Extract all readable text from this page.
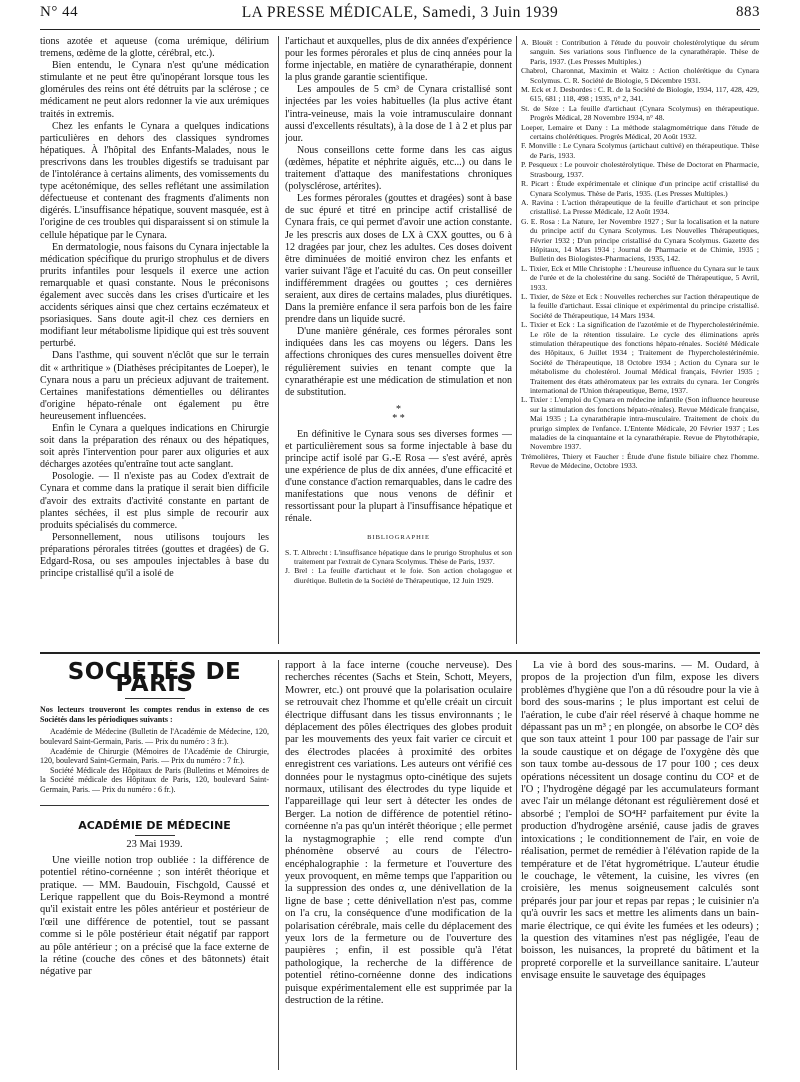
N° 44	LA PRESSE MÉDICALE, Samedi, 3 Juin 1939	883

tions azotée et aqueuse (coma urémique, délirium tremens, œdème de la glotte, cérébral, etc.).

Bien entendu, le Cynara n'est qu'une médication stimulante et ne peut être qu'inopérant lorsque tous les glomérules des reins ont été détruits par la sclérose ; ce médicament ne peut alors redonner la vie aux urémiques traités in extremis.

Chez les enfants le Cynara a quelques indications particulières en dehors des classiques syndromes hépatiques. À l'hôpital des Enfants-Malades, nous le prescrivons dans les troubles digestifs se traduisant par de l'intolérance à certains aliments, des vomissements du type acétonémique, des selles reflétant une assimilation défectueuse et contenant des fragments d'aliments non digérés. L'insuffisance hépatique, souvent masquée, est à l'origine de ces troubles qui disparaissent si on stimule la cellule hépatique par le Cynara.

En dermatologie, nous faisons du Cynara injectable la médication spécifique du prurigo strophulus et de divers prurits infantiles pour lesquels il exerce une action remarquable et quasi constante. Nous le préconisons également avec succès dans les crises d'urticaire et les accidents sériques ainsi que chez certains eczémateux et psoriasiques. Sans doute agit-il chez ces derniers en modifiant leur métabolisme lipidique qui est très souvent perturbé.

Dans l'asthme, qui souvent n'éclôt que sur le terrain dit « arthritique » (Diathèses précipitantes de Loeper), le Cynara nous a paru un précieux adjuvant de traitement. Certaines manifestations démentielles ou délirantes d'origine hépato-rénale ont également pu être heureusement influencées.

Enfin le Cynara a quelques indications en Chirurgie soit dans la préparation des rénaux ou des hépatiques, soit après l'intervention pour parer aux oliguries et aux décharges azotées qu'entraîne tout acte sanglant.

Posologie. — Il n'existe pas au Codex d'extrait de Cynara et comme dans la pratique il serait bien difficile d'avoir des extraits d'activité constante en partant de plantes séchées, il est plus simple de recourir aux produits spécialisés du commerce.

Personnellement, nous utilisons toujours les préparations pérorales titrées (gouttes et dragées) de G. Edgard-Rosa, ou ses ampoules injectables à base du principe cristallisé qu'il a isolé de

l'artichaut et auxquelles, plus de dix années d'expérience pour les formes pérorales et plus de cinq années pour la forme injectable, en matière de cynarathérapie, donnent la plus grande garantie scientifique.

Les ampoules de 5 cm³ de Cynara cristallisé sont injectées par les voies habituelles (la plus active étant l'intra-veineuse, mais la voie intramusculaire donnant aussi d'excellents résultats), à la dose de 1 à 2 et plus par jour.

Nous conseillons cette forme dans les cas aigus (œdèmes, hépatite et néphrite aiguës, etc...) ou dans le traitement d'attaque des manifestations chroniques (polysclérose, artérites).

Les formes pérorales (gouttes et dragées) sont à base de suc épuré et titré en principe actif cristallisé de Cynara frais, ce qui permet d'avoir une action constante. Je les prescris aux doses de LX à CXX gouttes, ou 6 à 12 dragées par jour, chez les adultes. Ces doses doivent être diminuées de moitié environ chez les enfants et varier suivant l'âge et l'acuité du cas. On peut conseiller indifféremment dragées ou gouttes ; ces dernières seraient, aux dires de certains malades, plus diurétiques. Dans la première enfance il sera parfois bon de les faire prendre dans un liquide sucré.

D'une manière générale, ces formes pérorales sont indiquées dans les cas moyens ou légers. Dans les affections chroniques des cures mensuelles doivent être régulièrement suivies en tenant compte que la cynarathérapie est une médication de stimulation et non de substitution.

*
* *

En définitive le Cynara sous ses diverses formes — et particulièrement sous sa forme injectable à base du principe actif isolé par G.-E Rosa — s'est avéré, après une expérience de plus de dix années, d'une efficacité et d'une constance d'action remarquables, dans le cadre des manifestations que nous venons de définir et ressortissant pour la plupart à l'insuffisance hépatique et rénale.

BIBLIOGRAPHIE

S. T. Albrecht : L'insuffisance hépatique dans le prurigo Strophulus et son traitement par l'extrait de Cynara Scolymus. Thèse de Paris, 1937.

J. Brel : La feuille d'artichaut et le foie. Son action cholagogue et diurétique. Bulletin de la Société de Thérapeutique, 12 Juin 1929.

A. Blouët : Contribution à l'étude du pouvoir cholestérolytique du sérum sanguin. Ses variations sous l'influence de la cynarathérapie. Thèse de Paris, 1937. (Les Presses Multiples.)

Chabrol, Charonnat, Maximin et Waitz : Action cholérétique du Cynara Scolymus. C. R. Société de Biologie, 5 Décembre 1931.

M. Eck et J. Desbordes : C. R. de la Société de Biologie, 1934, 117, 428, 429, 615, 681 ; 118, 498 ; 1935, n° 2, 341.

St. de Sèze : La feuille d'artichaut (Cynara Scolymus) en thérapeutique. Progrès Médical, 28 Novembre 1934, n° 48.

Loeper, Lemaire et Dany : La méthode stalagmométrique dans l'étude de certains cholérétiques. Progrès Médical, 20 Août 1932.

F. Monville : Le Cynara Scolymus (artichaut cultivé) en thérapeutique. Thèse de Paris, 1933.

P. Pesqueux : Le pouvoir cholestérolytique. Thèse de Doctorat en Pharmacie, Strasbourg, 1937.

R. Picart : Étude expérimentale et clinique d'un principe actif cristallisé du Cynara Scolymus. Thèse de Paris, 1935. (Les Presses Multiples.)

A. Ravina : L'action thérapeutique de la feuille d'artichaut et son principe cristallisé. La Presse Médicale, 12 Août 1934.

G. E. Rosa : La Nature, 1er Novembre 1927 ; Sur la localisation et la nature du principe actif du Cynara Scolymus. Les Nouvelles Thérapeutiques, Février 1932 ; D'un principe cristallisé du Cynara Scolymus. Gazette des Hôpitaux, 14 Mars 1934 ; Journal de Pharmacie et de Chimie, 1935 ; Bulletin des Biologistes-Pharmaciens, 1935, 142.

L. Tixier, Eck et Mlle Christophe : L'heureuse influence du Cynara sur le taux de l'urée et de la cholestérine du sang. Société de Thérapeutique, 5 Avril, 1933.

L. Tixier, de Sèze et Eck : Nouvelles recherches sur l'action thérapeutique de la feuille d'artichaut. Essai clinique et expérimental du principe cristallisé. Société de Thérapeutique, 14 Mars 1934.

L. Tixier et Eck : La signification de l'azotémie et de l'hypercholestérinémie. Le rôle de la rétention tissulaire. Le cycle des éliminations après stimulation thérapeutique des fonctions hépato-rénales. Société Médicale des Hôpitaux, 6 Juillet 1934 ; Traitement de l'hypercholestérinémie. Société de Thérapeutique, 18 Octobre 1934 ; Action du Cynara sur le métabolisme du cholestérol. Journal Médical français, Février 1935 ; Traitement des états athéromateux par les extraits du cynara. 1er Congrès international de l'Union thérapeutique, Berne, 1937.

L. Tixier : L'emploi du Cynara en médecine infantile (Son influence heureuse sur la stimulation des fonctions hépato-rénales). Revue Médicale française, Mai 1935 ; La cynarathérapie intra-musculaire. Traitement de choix du prurigo simplex de l'enfance. L'Entente Médicale, 20 Février 1937 ; Les maladies de la cinquantaine et la cynarathérapie. Revue de Phytothérapie, Novembre 1937.

Trémolières, Thiery et Faucher : Étude d'une fistule biliaire chez l'homme. Revue de Médecine, Octobre 1933.

SOCIÉTÉS DE PARIS
Nos lecteurs trouveront les comptes rendus in extenso de ces Sociétés dans les périodiques suivants :

Académie de Médecine (Bulletin de l'Académie de Médecine, 120, boulevard Saint-Germain, Paris. — Prix du numéro : 3 fr.).

Académie de Chirurgie (Mémoires de l'Académie de Chirurgie, 120, boulevard Saint-Germain, Paris. — Prix du numéro : 7 fr.).

Société Médicale des Hôpitaux de Paris (Bulletins et Mémoires de la Société médicale des Hôpitaux de Paris, 120, boulevard Saint-Germain, Paris. — Prix du numéro : 6 fr.).

ACADÉMIE DE MÉDECINE
23 Mai 1939.

Une vieille notion trop oubliée : la différence de potentiel rétino-cornéenne ; son intérêt théorique et pratique. — MM. Baudouin, Fischgold, Caussé et Lerique rappellent que du Bois-Reymond a montré qu'il existait entre les pôles antérieur et postérieur de l'œil une différence de potentiel, tout se passant comme si le pôle postérieur était négatif par rapport au pôle antérieur ; on a précisé que la face externe de la rétine (couche des cônes et des bâtonnets) était négative par

rapport à la face interne (couche nerveuse). Des recherches récentes (Sachs et Stein, Schott, Meyers, Mowrer, etc.) ont prouvé que la polarisation oculaire se retrouvait chez l'homme et qu'elle créait un circuit électrique diffusant dans les tissus environnants ; le déplacement des pôles électriques des globes produit par les mouvements des yeux fait varier ce circuit et des électrodes placées à proximité des orbites enregistrent ces variations. Les auteurs ont vérifié ces données pour le nystagmus opto-cinétique des sujets normaux, utilisant des électrodes du type liquide et l'appareillage qui leur sert à détecter les ondes de Berger. La notion de différence de potentiel rétino-cornéenne n'a pas qu'un intérêt théorique ; elle permet la nystagmographie ; elle rend compte d'un phénomène observé au cours de l'électro-encéphalographie : la fermeture et l'ouverture des yeux provoquent, en même temps que l'apparition ou la suppression des ondes α, une dénivellation de la ligne de base ; cette dénivellation n'est pas, comme on l'a cru, la conséquence d'une modification de la polarisation cérébrale, mais celle du déplacement des yeux lors de la fermeture ou de l'ouverture des paupières ; enfin, il est possible qu'à l'état pathologique, la recherche de la différence de potentiel rétino-cornéenne donne des indications puisque expérimentalement elle est supprimée par la destruction de la rétine.

La vie à bord des sous-marins. — M. Oudard, à propos de la projection d'un film, expose les divers problèmes d'hygiène que l'on a dû résoudre pour la vie à bord des sous-marins ; le plus important est celui de l'aération, le cube d'air réel réservé à chaque homme ne dépassant pas un m³ ; en plongée, on absorbe le CO² dès que son taux atteint 1 pour 100 par passage de l'air sur la soude caustique et on dégage de l'oxygène dès que son taux tombe au-dessous de 17 pour 100 ; ces deux opérations nécessitent un dosage continu du CO² et de l'O ; l'hydrogène dégagé par les accumulateurs formant avec l'air un mélange détonant est régulièrement dosé et absorbé ; l'emploi de SO⁴H² parfaitement pur évite la production d'hydrogène arsénié, cause jadis de graves intoxications ; le conditionnement de l'air, en voie de réalisation, permet de remédier à l'élévation rapide de la température et de l'état hygrométrique. L'auteur étudie le couchage, le vêtement, la cuisine, les vivres (en croisière, les menus soigneusement calculés sont préparés jour par jour et repas par repas ; le cuisinier n'a qu'à ouvrir les sacs et mettre les aliments dans un bain-marie électrique, ce qui évite les fumées et les odeurs) ; la question des vitamines n'est pas négligée, l'eau de boisson, les nuisances, la propreté du bâtiment et la propreté corporelle et la surveillance sanitaire. L'auteur envisage ensuite le sauvetage des équipages
